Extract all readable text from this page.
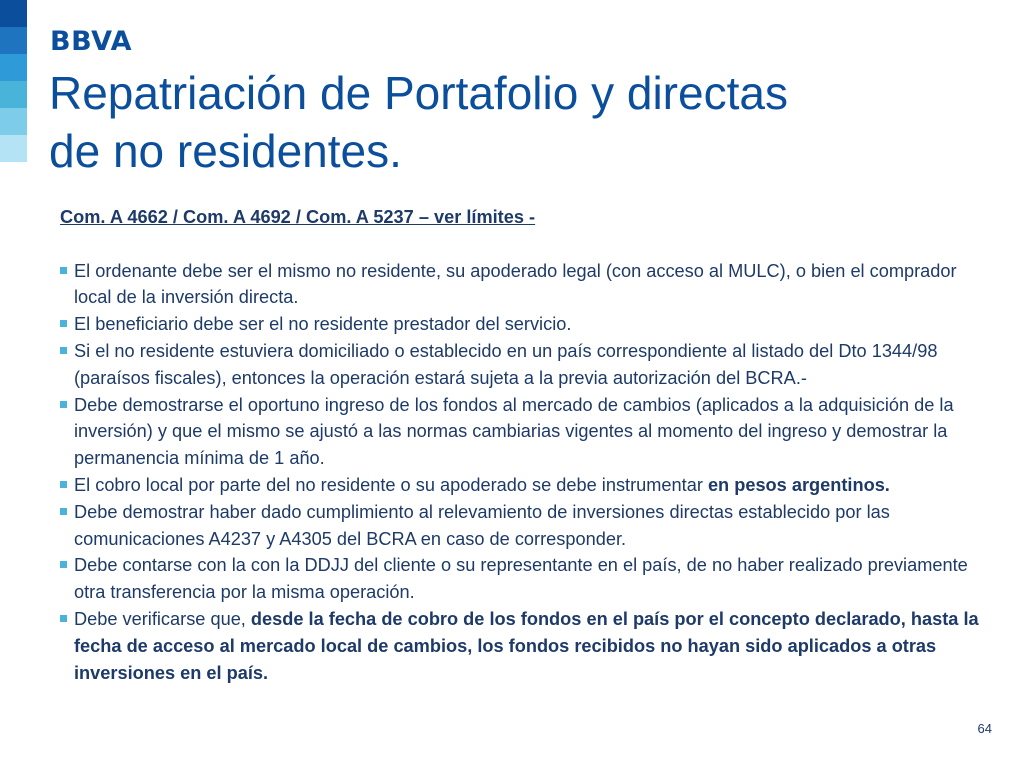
BBVA
Repatriación de Portafolio y directas
de no residentes.
Com. A 4662 / Com. A 4692 / Com. A 5237 – ver límites -
El ordenante debe ser el mismo no residente, su apoderado legal (con acceso al MULC), o bien el comprador local de la inversión directa.
El beneficiario debe ser el no residente prestador del servicio.
Si el no residente estuviera domiciliado o establecido en un país correspondiente al listado del Dto 1344/98 (paraísos fiscales), entonces la operación estará sujeta a la previa autorización del BCRA.-
Debe demostrarse el oportuno ingreso de los fondos al mercado de cambios (aplicados a la adquisición de la inversión) y que el mismo se ajustó a las normas cambiarias vigentes al momento del ingreso y demostrar la permanencia mínima de 1 año.
El cobro local por parte del no residente o su apoderado se debe instrumentar en pesos argentinos.
Debe demostrar haber dado cumplimiento al relevamiento de inversiones directas establecido por las comunicaciones A4237 y A4305 del BCRA en caso de corresponder.
Debe contarse con la con la DDJJ del cliente o su representante en el país, de no haber realizado previamente otra transferencia por la misma operación.
Debe verificarse que, desde la fecha de cobro de los fondos en el país por el concepto declarado, hasta la fecha de acceso al mercado local de cambios, los fondos recibidos no hayan sido aplicados a otras inversiones en el país.
64
